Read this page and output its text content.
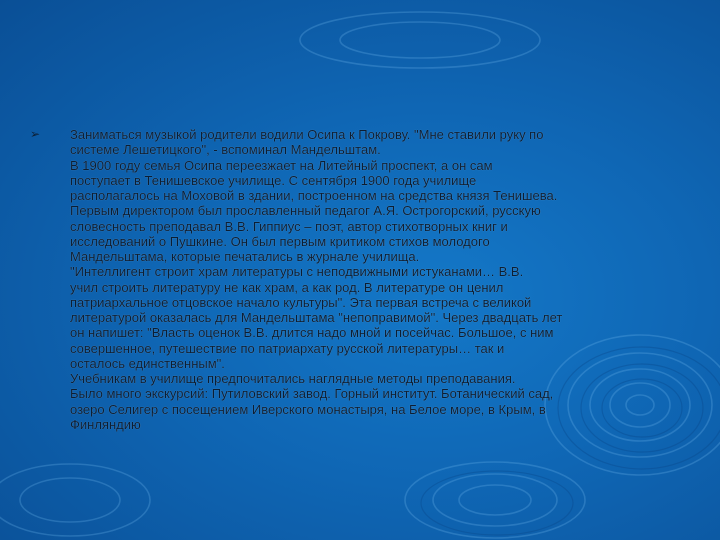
➢ Заниматься музыкой родители водили Осипа к Покрову. "Мне ставили руку по
системе Лешетицкого", - вспоминал Мандельштам.
В 1900 году семья Осипа переезжает на Литейный проспект, а он сам
поступает в Тенишевское училище. С сентября 1900 года училище
располагалось на Моховой в здании, построенном на средства князя Тенишева.
Первым директором был прославленный педагог А.Я. Острогорский, русскую
словесность преподавал В.В. Гиппиус – поэт, автор стихотворных книг и
исследований о Пушкине. Он был первым критиком стихов молодого
Мандельштама, которые печатались в журнале училища.
"Интеллигент строит храм литературы с неподвижными истуканами… В.В.
учил строить литературу не как храм, а как род. В литературе он ценил
патриархальное отцовское начало культуры". Эта первая встреча с великой
литературой оказалась для Мандельштама "непоправимой". Через двадцать лет
он напишет: "Власть оценок В.В. длится надо мной и посейчас. Большое, с ним
совершенное, путешествие по патриархату русской литературы… так и
осталось единственным".
Учебникам в училище предпочитались наглядные методы преподавания.
Было много экскурсий: Путиловский завод. Горный институт. Ботанический сад,
озеро Селигер с посещением Иверского монастыря, на Белое море, в Крым, в
Финляндию
